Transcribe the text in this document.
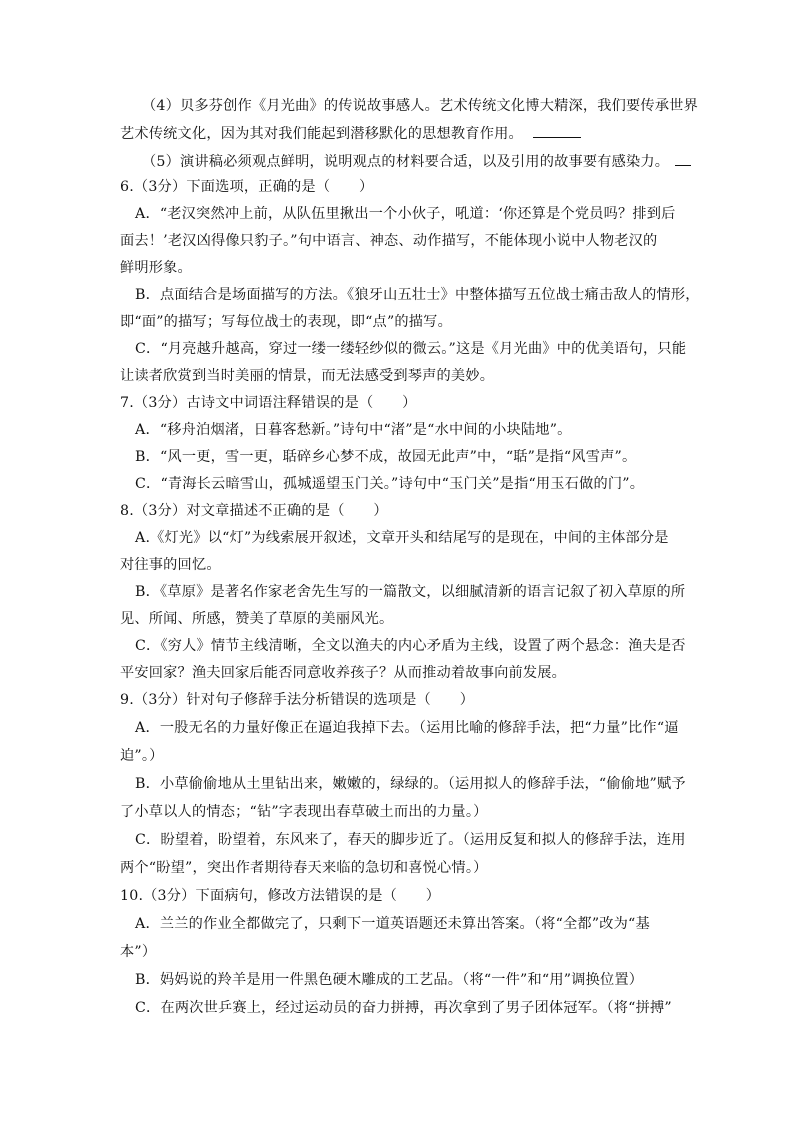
（4）贝多芬创作《月光曲》的传说故事感人。艺术传统文化博大精深，我们要传承世界
艺术传统文化，因为其对我们能起到潜移默化的思想教育作用。
（5）演讲稿必须观点鲜明，说明观点的材料要合适，以及引用的故事要有感染力。
6.（3分）下面选项，正确的是（　　）
A．“老汉突然冲上前，从队伍里揪出一个小伙子，吼道：‘你还算是个党员吗？排到后
面去！’老汉凶得像只豹子。”句中语言、神态、动作描写，不能体现小说中人物老汉的
鲜明形象。
B．点面结合是场面描写的方法。《狼牙山五壮士》中整体描写五位战士痛击敌人的情形，
即“面”的描写；写每位战士的表现，即“点”的描写。
C．“月亮越升越高，穿过一缕一缕轻纱似的微云。”这是《月光曲》中的优美语句，只能
让读者欣赏到当时美丽的情景，而无法感受到琴声的美妙。
7.（3分）古诗文中词语注释错误的是（　　）
A．“移舟泊烟渚，日暮客愁新。”诗句中“渚”是“水中间的小块陆地”。
B．“风一更，雪一更，聒碎乡心梦不成，故园无此声”中，“聒”是指“风雪声”。
C．“青海长云暗雪山，孤城遥望玉门关。”诗句中“玉门关”是指“用玉石做的门”。
8.（3分）对文章描述不正确的是（　　）
A.《灯光》以“灯”为线索展开叙述，文章开头和结尾写的是现在，中间的主体部分是
对往事的回忆。
B．《草原》是著名作家老舍先生写的一篇散文，以细腻清新的语言记叙了初入草原的所
见、所闻、所感，赞美了草原的美丽风光。
C．《穷人》情节主线清晰，全文以渔夫的内心矛盾为主线，设置了两个悬念：渔夫是否
平安回家？渔夫回家后能否同意收养孩子？从而推动着故事向前发展。
9.（3分）针对句子修辞手法分析错误的选项是（　　）
A．一股无名的力量好像正在逼迫我掉下去。（运用比喻的修辞手法，把“力量”比作“逼
迫”。）
B．小草偷偷地从土里钻出来，嫩嫩的，绿绿的。（运用拟人的修辞手法，“偷偷地”赋予
了小草以人的情态；“钻”字表现出春草破土而出的力量。）
C．盼望着，盼望着，东风来了，春天的脚步近了。（运用反复和拟人的修辞手法，连用
两个“盼望”，突出作者期待春天来临的急切和喜悦心情。）
10.（3分）下面病句，修改方法错误的是（　　）
A．兰兰的作业全都做完了，只剩下一道英语题还未算出答案。（将“全都”改为“基
本”）
B．妈妈说的羚羊是用一件黑色硬木雕成的工艺品。（将“一件”和“用”调换位置）
C．在两次世乒赛上，经过运动员的奋力拼搏，再次拿到了男子团体冠军。（将“拼搏”
